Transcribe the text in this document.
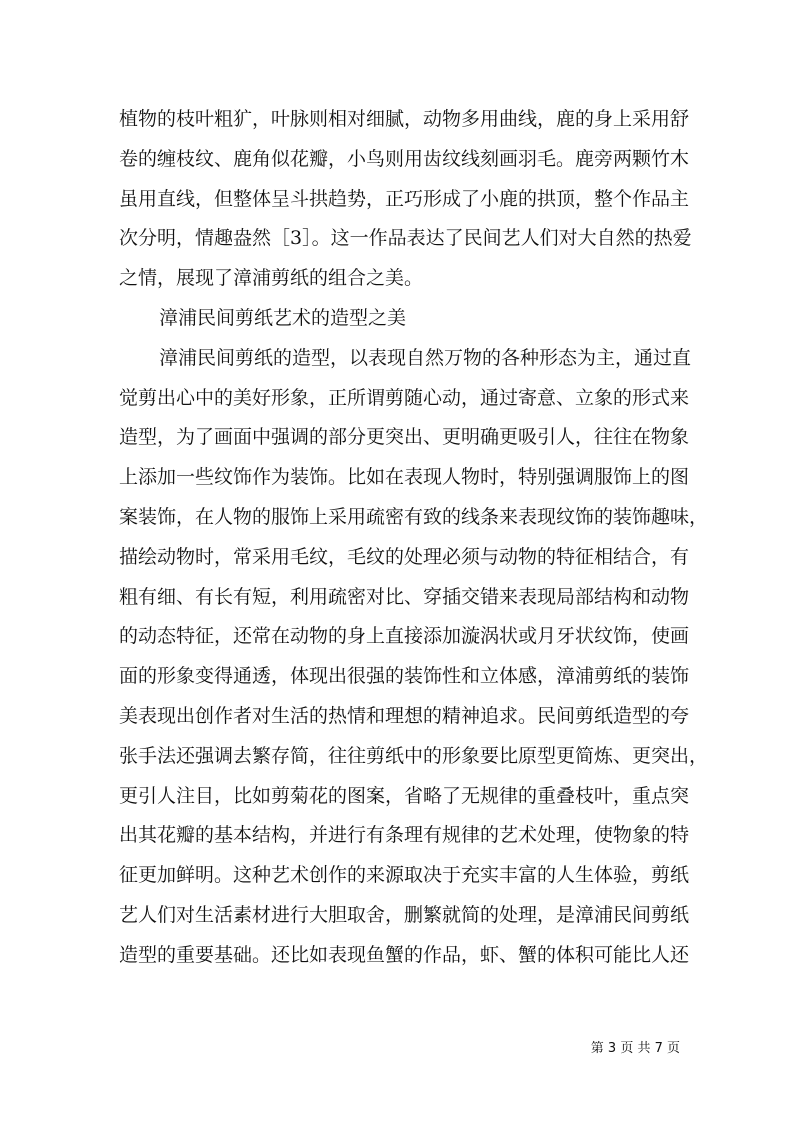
植物的枝叶粗犷，叶脉则相对细腻，动物多用曲线，鹿的身上采用舒
卷的缠枝纹、鹿角似花瓣，小鸟则用齿纹线刻画羽毛。鹿旁两颗竹木
虽用直线，但整体呈斗拱趋势，正巧形成了小鹿的拱顶，整个作品主
次分明，情趣盎然［3］。这一作品表达了民间艺人们对大自然的热爱
之情，展现了漳浦剪纸的组合之美。
漳浦民间剪纸艺术的造型之美
漳浦民间剪纸的造型，以表现自然万物的各种形态为主，通过直
觉剪出心中的美好形象，正所谓剪随心动，通过寄意、立象的形式来
造型，为了画面中强调的部分更突出、更明确更吸引人，往往在物象
上添加一些纹饰作为装饰。比如在表现人物时，特别强调服饰上的图
案装饰，在人物的服饰上采用疏密有致的线条来表现纹饰的装饰趣味，
描绘动物时，常采用毛纹，毛纹的处理必须与动物的特征相结合，有
粗有细、有长有短，利用疏密对比、穿插交错来表现局部结构和动物
的动态特征，还常在动物的身上直接添加漩涡状或月牙状纹饰，使画
面的形象变得通透，体现出很强的装饰性和立体感，漳浦剪纸的装饰
美表现出创作者对生活的热情和理想的精神追求。民间剪纸造型的夸
张手法还强调去繁存简，往往剪纸中的形象要比原型更简炼、更突出，
更引人注目，比如剪菊花的图案，省略了无规律的重叠枝叶，重点突
出其花瓣的基本结构，并进行有条理有规律的艺术处理，使物象的特
征更加鲜明。这种艺术创作的来源取决于充实丰富的人生体验，剪纸
艺人们对生活素材进行大胆取舍，删繁就简的处理，是漳浦民间剪纸
造型的重要基础。还比如表现鱼蟹的作品，虾、蟹的体积可能比人还
第 3 页 共 7 页
